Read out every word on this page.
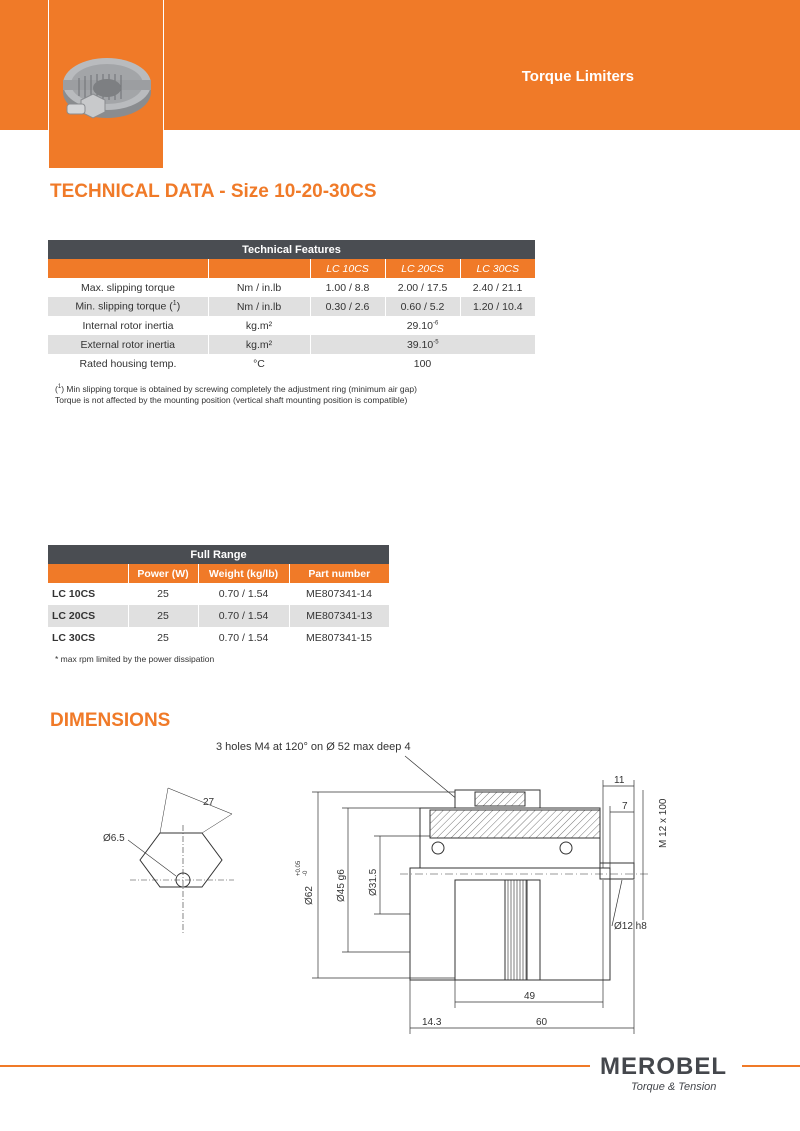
Torque Limiters
TECHNICAL DATA - Size 10-20-30CS
Technical Features				
		LC 10CS	LC 20CS	LC 30CS
Max. slipping torque	Nm / in.lb	1.00 / 8.8	2.00 / 17.5	2.40 / 21.1
Min. slipping torque ($^1$)	Nm / in.lb	0.30 / 2.6	0.60 / 5.2	1.20 / 10.4
Internal rotor inertia	kg.m²	$29.10^{-6}$
External rotor inertia	kg.m²	$39.10^{-5}$
Rated housing temp.	°C	100		
($^1$) Min slipping torque is obtained by screwing completely the adjustment ring (minimum air gap)
Torque is not affected by the mounting position (vertical shaft mounting position is compatible)
Full Range			
	Power (W)	Weight (kg/lb)	Part number
LC 10CS	25	0.70 / 1.54	ME807341-14
LC 20CS	25	0.70 / 1.54	ME807341-13
LC 30CS	25	0.70 / 1.54	ME807341-15
* max rpm limited by the power dissipation
DIMENSIONS
3 holes M4 at 120° on Ø 52 max deep 4
27
Ø6.5
Ø62
+0.05 -0	Ø45 g6 Ø31.5
Ø12 h8
M 12 x 100
11
7
49
14.3	60
MEROBEL
Torque & Tension
